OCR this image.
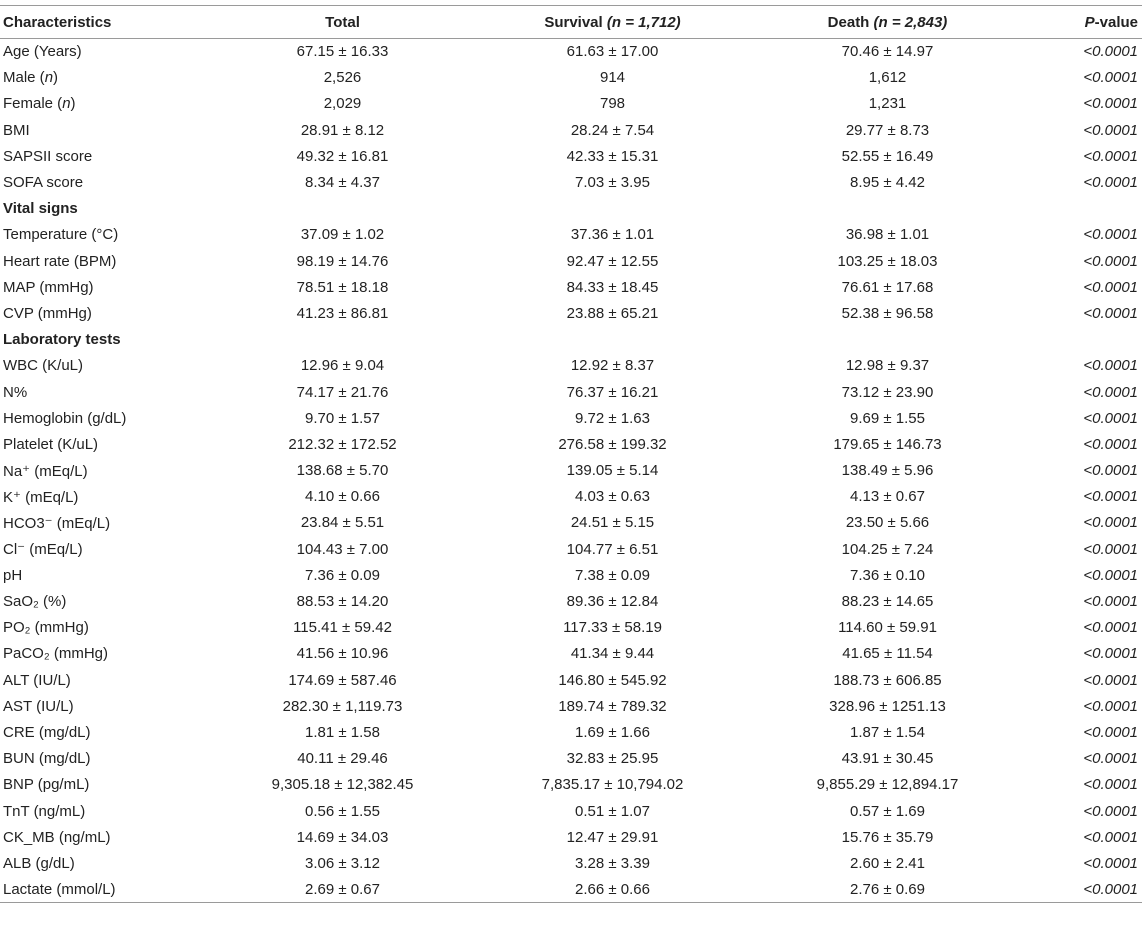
Characteristics	Total	Survival (n = 1,712)	Death (n = 2,843)	P-value
Age (Years)	67.15 ± 16.33	61.63 ± 17.00	70.46 ± 14.97	<0.0001
Male (n)	2,526	914	1,612	<0.0001
Female (n)	2,029	798	1,231	<0.0001
BMI	28.91 ± 8.12	28.24 ± 7.54	29.77 ± 8.73	<0.0001
SAPSII score	49.32 ± 16.81	42.33 ± 15.31	52.55 ± 16.49	<0.0001
SOFA score	8.34 ± 4.37	7.03 ± 3.95	8.95 ± 4.42	<0.0001
Vital signs				
Temperature (°C)	37.09 ± 1.02	37.36 ± 1.01	36.98 ± 1.01	<0.0001
Heart rate (BPM)	98.19 ± 14.76	92.47 ± 12.55	103.25 ± 18.03	<0.0001
MAP (mmHg)	78.51 ± 18.18	84.33 ± 18.45	76.61 ± 17.68	<0.0001
CVP (mmHg)	41.23 ± 86.81	23.88 ± 65.21	52.38 ± 96.58	<0.0001
Laboratory tests				
WBC (K/uL)	12.96 ± 9.04	12.92 ± 8.37	12.98 ± 9.37	<0.0001
N%	74.17 ± 21.76	76.37 ± 16.21	73.12 ± 23.90	<0.0001
Hemoglobin (g/dL)	9.70 ± 1.57	9.72 ± 1.63	9.69 ± 1.55	<0.0001
Platelet (K/uL)	212.32 ± 172.52	276.58 ± 199.32	179.65 ± 146.73	<0.0001
Na⁺ (mEq/L)	138.68 ± 5.70	139.05 ± 5.14	138.49 ± 5.96	<0.0001
K⁺ (mEq/L)	4.10 ± 0.66	4.03 ± 0.63	4.13 ± 0.67	<0.0001
HCO3⁻ (mEq/L)	23.84 ± 5.51	24.51 ± 5.15	23.50 ± 5.66	<0.0001
Cl⁻ (mEq/L)	104.43 ± 7.00	104.77 ± 6.51	104.25 ± 7.24	<0.0001
pH	7.36 ± 0.09	7.38 ± 0.09	7.36 ± 0.10	<0.0001
SaO₂ (%)	88.53 ± 14.20	89.36 ± 12.84	88.23 ± 14.65	<0.0001
PO₂ (mmHg)	115.41 ± 59.42	117.33 ± 58.19	114.60 ± 59.91	<0.0001
PaCO₂ (mmHg)	41.56 ± 10.96	41.34 ± 9.44	41.65 ± 11.54	<0.0001
ALT (IU/L)	174.69 ± 587.46	146.80 ± 545.92	188.73 ± 606.85	<0.0001
AST (IU/L)	282.30 ± 1,119.73	189.74 ± 789.32	328.96 ± 1251.13	<0.0001
CRE (mg/dL)	1.81 ± 1.58	1.69 ± 1.66	1.87 ± 1.54	<0.0001
BUN (mg/dL)	40.11 ± 29.46	32.83 ± 25.95	43.91 ± 30.45	<0.0001
BNP (pg/mL)	9,305.18 ± 12,382.45	7,835.17 ± 10,794.02	9,855.29 ± 12,894.17	<0.0001
TnT (ng/mL)	0.56 ± 1.55	0.51 ± 1.07	0.57 ± 1.69	<0.0001
CK_MB (ng/mL)	14.69 ± 34.03	12.47 ± 29.91	15.76 ± 35.79	<0.0001
ALB (g/dL)	3.06 ± 3.12	3.28 ± 3.39	2.60 ± 2.41	<0.0001
Lactate (mmol/L)	2.69 ± 0.67	2.66 ± 0.66	2.76 ± 0.69	<0.0001
